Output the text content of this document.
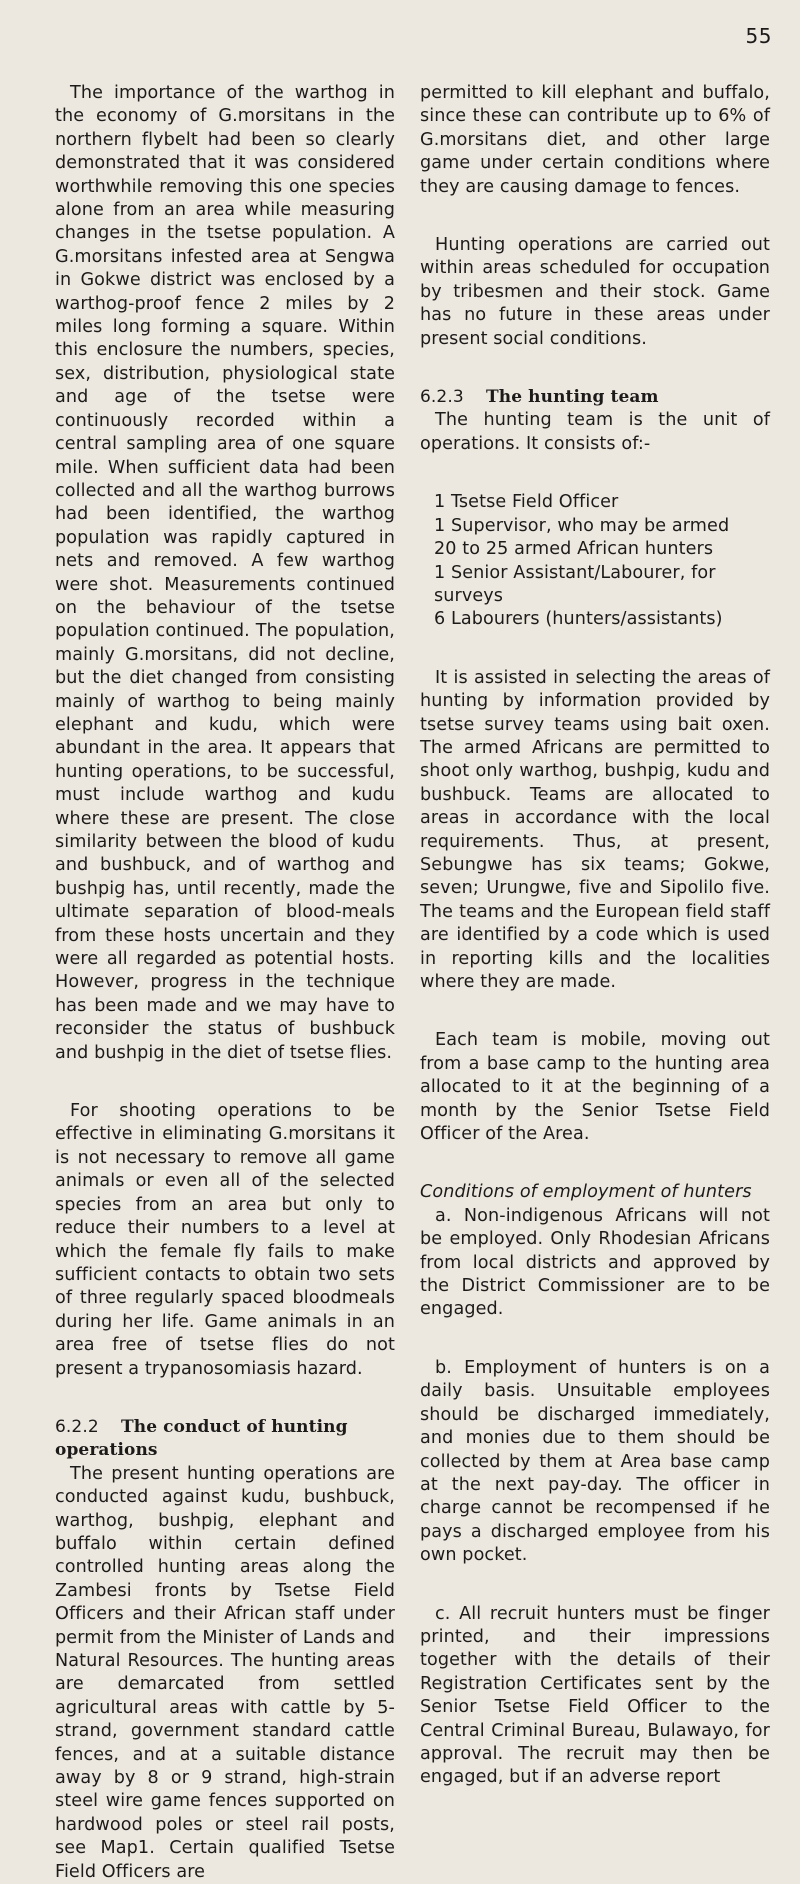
55

The importance of the warthog in the economy of G.morsitans in the northern flybelt had been so clearly demonstrated that it was considered worthwhile removing this one species alone from an area while measuring changes in the tsetse population. A G.morsitans infested area at Sengwa in Gokwe district was enclosed by a warthog-proof fence 2 miles by 2 miles long forming a square. Within this enclosure the numbers, species, sex, distribution, physiological state and age of the tsetse were continuously recorded within a central sampling area of one square mile. When sufficient data had been collected and all the warthog burrows had been identified, the warthog population was rapidly captured in nets and removed. A few warthog were shot. Measurements continued on the behaviour of the tsetse population continued. The population, mainly G.morsitans, did not decline, but the diet changed from consisting mainly of warthog to being mainly elephant and kudu, which were abundant in the area. It appears that hunting operations, to be successful, must include warthog and kudu where these are present. The close similarity between the blood of kudu and bushbuck, and of warthog and bushpig has, until recently, made the ultimate separation of blood-meals from these hosts uncertain and they were all regarded as potential hosts. However, progress in the technique has been made and we may have to reconsider the status of bushbuck and bushpig in the diet of tsetse flies.

For shooting operations to be effective in eliminating G.morsitans it is not necessary to remove all game animals or even all of the selected species from an area but only to reduce their numbers to a level at which the female fly fails to make sufficient contacts to obtain two sets of three regularly spaced bloodmeals during her life. Game animals in an area free of tsetse flies do not present a trypanosomiasis hazard.

6.2.2 The conduct of hunting operations

The present hunting operations are conducted against kudu, bushbuck, warthog, bushpig, elephant and buffalo within certain defined controlled hunting areas along the Zambesi fronts by Tsetse Field Officers and their African staff under permit from the Minister of Lands and Natural Resources. The hunting areas are demarcated from settled agricultural areas with cattle by 5-strand, government standard cattle fences, and at a suitable distance away by 8 or 9 strand, high-strain steel wire game fences supported on hardwood poles or steel rail posts, see Map1. Certain qualified Tsetse Field Officers are

permitted to kill elephant and buffalo, since these can contribute up to 6% of G.morsitans diet, and other large game under certain conditions where they are causing damage to fences.

Hunting operations are carried out within areas scheduled for occupation by tribesmen and their stock. Game has no future in these areas under present social conditions.

6.2.3 The hunting team

The hunting team is the unit of operations. It consists of:-

1 Tsetse Field Officer
1 Supervisor, who may be armed
20 to 25 armed African hunters
1 Senior Assistant/Labourer, for surveys
6 Labourers (hunters/assistants)

It is assisted in selecting the areas of hunting by information provided by tsetse survey teams using bait oxen. The armed Africans are permitted to shoot only warthog, bushpig, kudu and bushbuck. Teams are allocated to areas in accordance with the local requirements. Thus, at present, Sebungwe has six teams; Gokwe, seven; Urungwe, five and Sipolilo five. The teams and the European field staff are identified by a code which is used in reporting kills and the localities where they are made.

Each team is mobile, moving out from a base camp to the hunting area allocated to it at the beginning of a month by the Senior Tsetse Field Officer of the Area.

Conditions of employment of hunters

a. Non-indigenous Africans will not be employed. Only Rhodesian Africans from local districts and approved by the District Commissioner are to be engaged.

b. Employment of hunters is on a daily basis. Unsuitable employees should be discharged immediately, and monies due to them should be collected by them at Area base camp at the next pay-day. The officer in charge cannot be recompensed if he pays a discharged employee from his own pocket.

c. All recruit hunters must be finger printed, and their impressions together with the details of their Registration Certificates sent by the Senior Tsetse Field Officer to the Central Criminal Bureau, Bulawayo, for approval. The recruit may then be engaged, but if an adverse report
